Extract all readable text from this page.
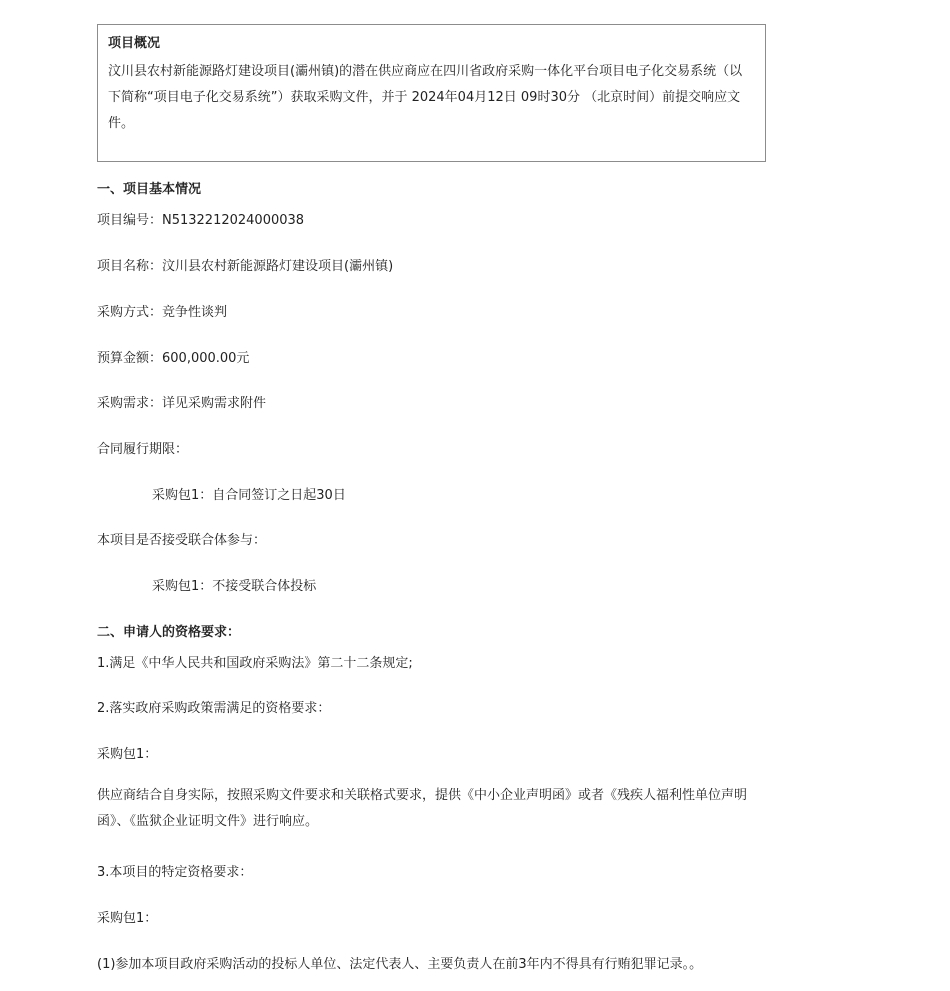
项目概况
汶川县农村新能源路灯建设项目(灞州镇)的潜在供应商应在四川省政府采购一体化平台项目电子化交易系统（以下简称“项目电子化交易系统”）获取采购文件，并于 2024年04月12日 09时30分 （北京时间）前提交响应文件。
一、项目基本情况
项目编号：N5132212024000038
项目名称：汶川县农村新能源路灯建设项目(灞州镇)
采购方式：竞争性谈判
预算金额：600,000.00元
采购需求：详见采购需求附件
合同履行期限：
采购包1：自合同签订之日起30日
本项目是否接受联合体参与：
采购包1：不接受联合体投标
二、申请人的资格要求：
1.满足《中华人民共和国政府采购法》第二十二条规定;
2.落实政府采购政策需满足的资格要求：
采购包1：
供应商结合自身实际，按照采购文件要求和关联格式要求，提供《中小企业声明函》或者《残疾人福利性单位声明函》、《监狱企业证明文件》进行响应。
3.本项目的特定资格要求：
采购包1：
(1)参加本项目政府采购活动的投标人单位、法定代表人、主要负责人在前3年内不得具有行贿犯罪记录。。
